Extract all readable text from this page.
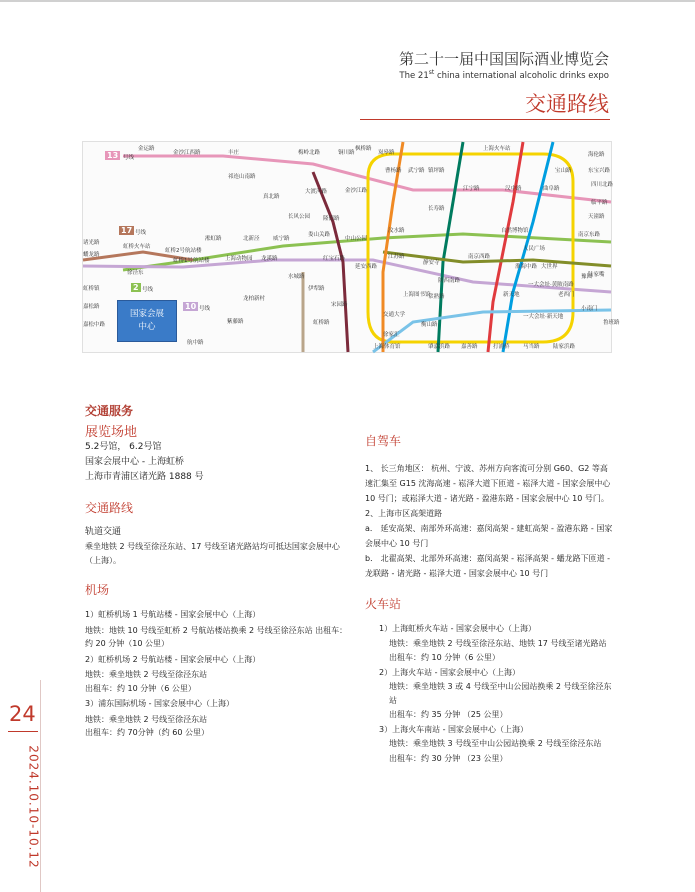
第二十一届中国国际酒业博览会
The 21st china international alcoholic drinks expo
交通路线
13 号线
17 号线
2 号线
10 号线
金运路
金沙江西路	丰庄
祁连山南路
真北路
大渡河路	金沙江路
曹杨路 武宁路 镇坪路
长寿路
江宁路	汉中路	曲阜路
宝山路
海伦路
梅岭北路	铜川路	岚皋路
枫桥路	上海火车站
诸光路
虹桥火车站
虹桥2号航站楼
虹桥1号航站楼
淞虹路	北新泾 威宁路
娄山关路
中山公园
江苏路
静安寺
南京西路
人民广场
南京东路
陆家嘴
徐泾东
上海动物园 龙溪路
水城路
伊犁路
宋园路
虹桥路
交通大学
徐家汇
上海图书馆
陕西南路
新天地	老西门
豫园
小南门
蟠龙路
嘉松路
嘉松中路
虹桥镇
龙柏新村
紫藤路
航中路
延安西路
常熟路
衡山路
一大会址·黄陂南路
一大会址·新天地
大世界
四川北路
天潼路
东宝兴路
上海体育馆	肇嘉浜路 嘉善路	打浦桥 马当路 陆家浜路
自然博物馆
淮海中路
长风公园
红宝石路
隆德路
汶水路
鲁班路
临平路
国家会展
中心

交通服务

展览场地

5.2号馆， 6.2号馆

国家会展中心 - 上海虹桥

上海市青浦区诸光路 1888 号

交通路线

轨道交通

乘坐地铁 2 号线至徐泾东站、17 号线至诸光路站均可抵达国家会展中心（上海）。

机场

1）虹桥机场 1 号航站楼 - 国家会展中心（上海）

地铁：地铁 10 号线至虹桥 2 号航站楼站换乘 2 号线至徐泾东站 出租车：约 20 分钟（10 公里）

2）虹桥机场 2 号航站楼 - 国家会展中心（上海）

地铁：乘坐地铁 2 号线至徐泾东站

出租车：约 10 分钟（6 公里）

3）浦东国际机场 - 国家会展中心（上海）

地铁：乘坐地铁 2 号线至徐泾东站

出租车：约 70分钟（约 60 公里）

自驾车

1、 长三角地区： 杭州、宁波、苏州方向客流可分别 G60、G2 等高速汇集至 G15 沈海高速 - 崧泽大道下匝道 - 崧泽大道 - 国家会展中心 10 号门；或崧泽大道 - 诸光路 - 盈港东路 - 国家会展中心 10 号门。

2、上海市区高架道路

a． 延安高架、南部外环高速：嘉闵高架 - 建虹高架 - 盈港东路 - 国家会展中心 10 号门

b． 北翟高架、北部外环高速：嘉闵高架 - 崧泽高架 - 蟠龙路下匝道 - 龙联路 - 诸光路 - 崧泽大道 - 国家会展中心 10 号门

火车站

1）上海虹桥火车站 - 国家会展中心（上海）

地铁：乘坐地铁 2 号线至徐泾东站、地铁 17 号线至诸光路站

出租车：约 10 分钟（6 公里）

2）上海火车站 - 国家会展中心（上海）

地铁：乘坐地铁 3 或 4 号线至中山公园站换乘 2 号线至徐泾东站

出租车：约 35 分钟 （25 公里）

3）上海火车南站 - 国家会展中心（上海）

地铁：乘坐地铁 3 号线至中山公园站换乘 2 号线至徐泾东站

出租车：约 30 分钟 （23 公里）

24
2024.10.10-10.12
